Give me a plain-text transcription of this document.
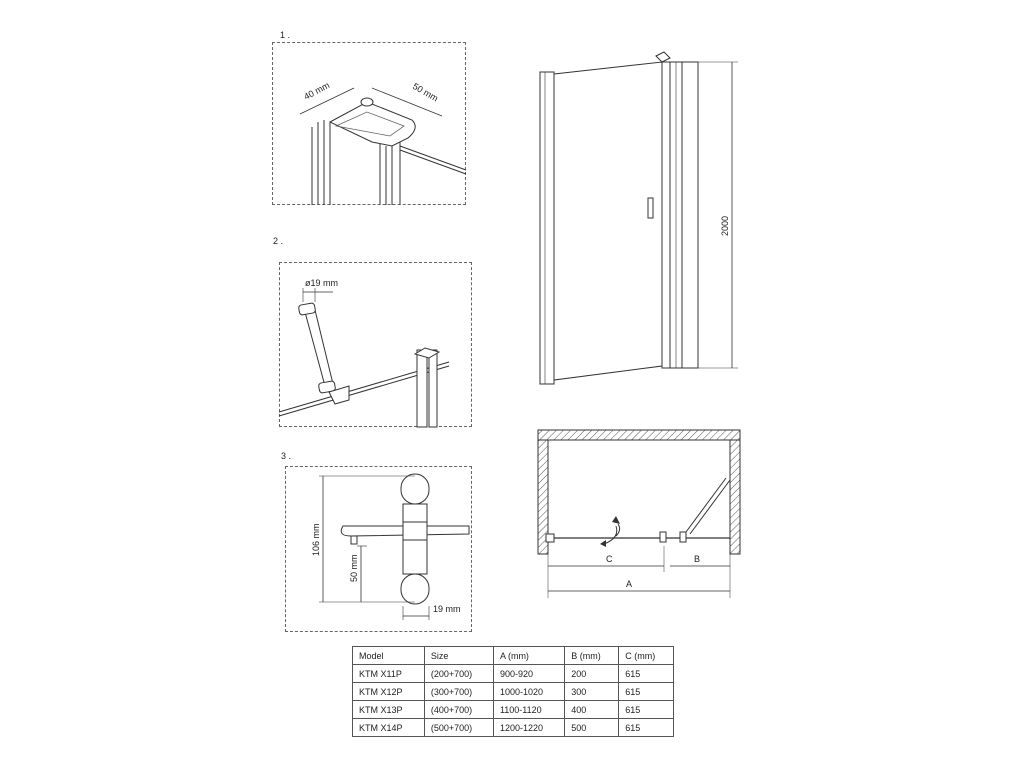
1 .
40 mm	50 mm
2 .
ø19 mm
3 .
106 mm
50 mm
19 mm
2000
C	B
A
Model	Size	A (mm)	B (mm)	C (mm)
KTM X11P	(200+700)	900-920	200	615
KTM X12P	(300+700)	1000-1020	300	615
KTM X13P	(400+700)	1100-1120	400	615
KTM X14P	(500+700)	1200-1220	500	615
